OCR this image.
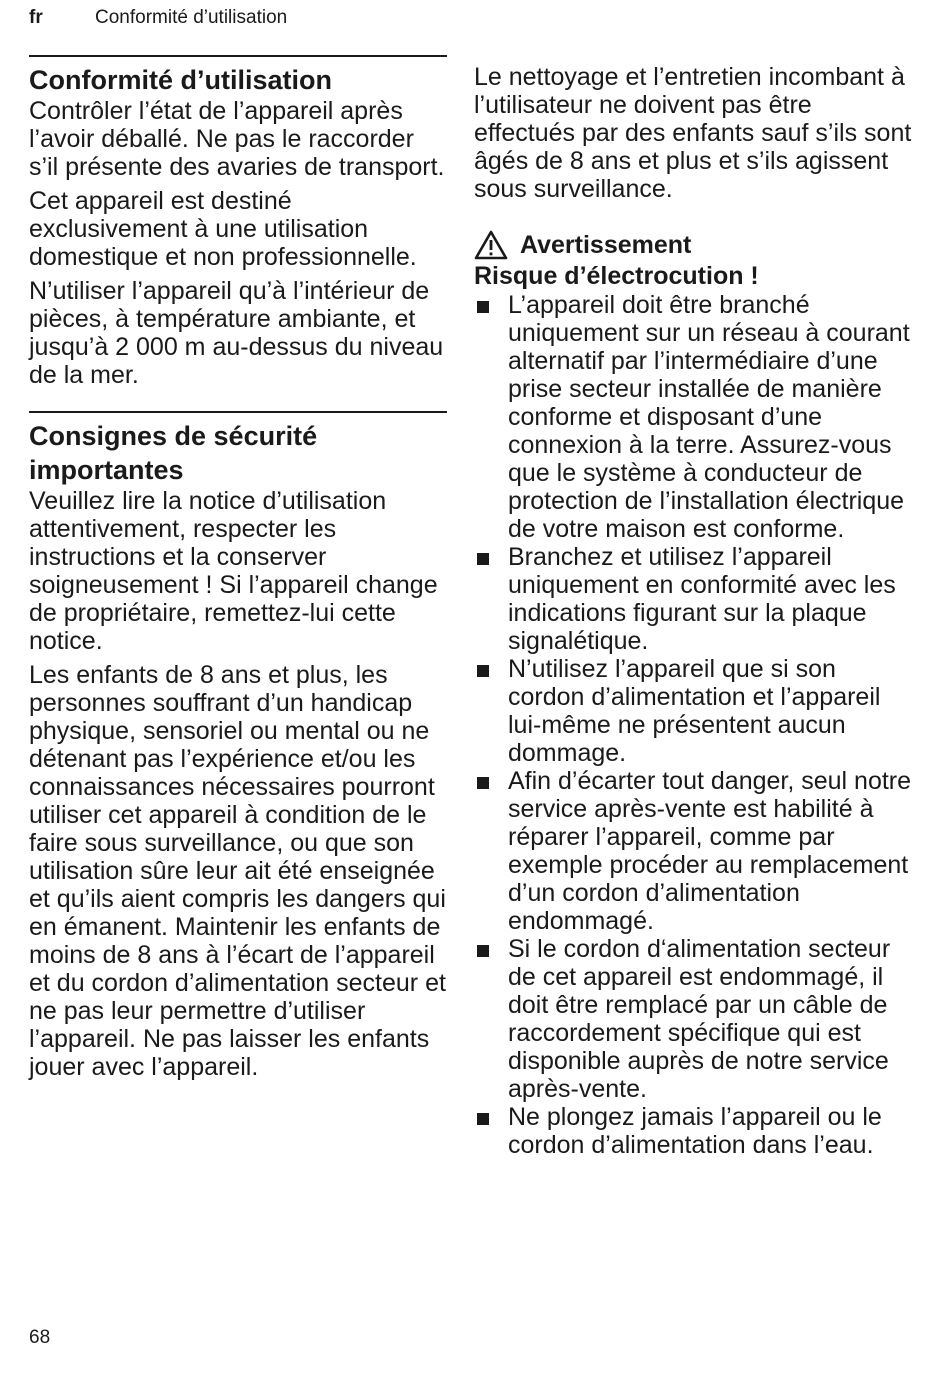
fr	Conformité d’utilisation
Conformité d’utilisation

Contrôler l’état de l’appareil après l’avoir déballé. Ne pas le raccorder s’il présente des avaries de transport.

Cet appareil est destiné exclusivement à une utilisation domestique et non professionnelle.

N’utiliser l’appareil qu’à l’intérieur de pièces, à température ambiante, et jusqu’à 2 000 m au-dessus du niveau de la mer.

Consignes de sécurité
importantes

Veuillez lire la notice d’utilisation attentivement, respecter les instructions et la conserver soigneusement ! Si l’appareil change de propriétaire, remettez-lui cette notice.

Les enfants de 8 ans et plus, les personnes souffrant d’un handicap physique, sensoriel ou mental ou ne détenant pas l’expérience et/ou les connaissances nécessaires pourront utiliser cet appareil à condition de le faire sous surveillance, ou que son utilisation sûre leur ait été enseignée et qu’ils aient compris les dangers qui en émanent. Maintenir les enfants de moins de 8 ans à l’écart de l’appareil et du cordon d’alimentation secteur et ne pas leur permettre d’utiliser l’appareil. Ne pas laisser les enfants jouer avec l’appareil.

Le nettoyage et l’entretien incombant à l’utilisateur ne doivent pas être effectués par des enfants sauf s’ils sont âgés de 8 ans et plus et s’ils agissent sous surveillance.

Avertissement
Risque d’électrocution !
L’appareil doit être branché uniquement sur un réseau à courant alternatif par l’intermédiaire d’une prise secteur installée de manière conforme et disposant d’une connexion à la terre. Assurez-vous que le système à conducteur de protection de l’installation électrique de votre maison est conforme.
Branchez et utilisez l’appareil uniquement en conformité avec les indications figurant sur la plaque signalétique.
N’utilisez l’appareil que si son cordon d’alimentation et l’appareil lui-même ne présentent aucun dommage.
Afin d’écarter tout danger, seul notre service après-vente est habilité à réparer l’appareil, comme par exemple procéder au remplacement d’un cordon d’alimentation endommagé.
Si le cordon d‘alimentation secteur de cet appareil est endommagé, il doit être remplacé par un câble de raccordement spécifique qui est disponible auprès de notre service après-vente.
Ne plongez jamais l’appareil ou le cordon d’alimentation dans l’eau.
68
